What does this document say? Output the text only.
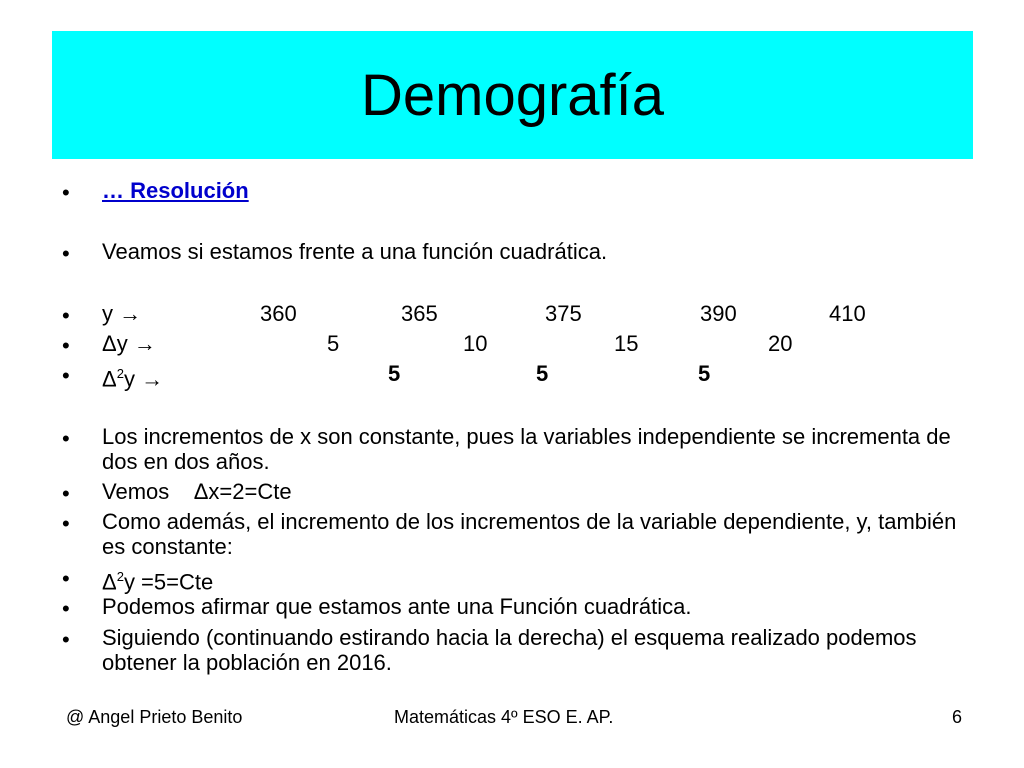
Demografía
• … Resolución
• Veamos si estamos frente a una función cuadrática.
• y →	360	365	375	390	410
• Δy →	5	10	15	20
• $\Delta^2y$ →	5	5	5
• Los incrementos de x son constante, pues la variables independiente se incrementa de dos en dos años.
• Vemos    Δx=2=Cte
• Como además, el incremento de los incrementos de la variable dependiente, y, también es constante:
• $\Delta^2y =5=Cte$
• Podemos afirmar que estamos ante una Función cuadrática.
• Siguiendo (continuando estirando hacia la derecha) el esquema realizado podemos obtener la población en 2016.
@ Angel Prieto Benito	Matemáticas 4º ESO E. AP.	6
